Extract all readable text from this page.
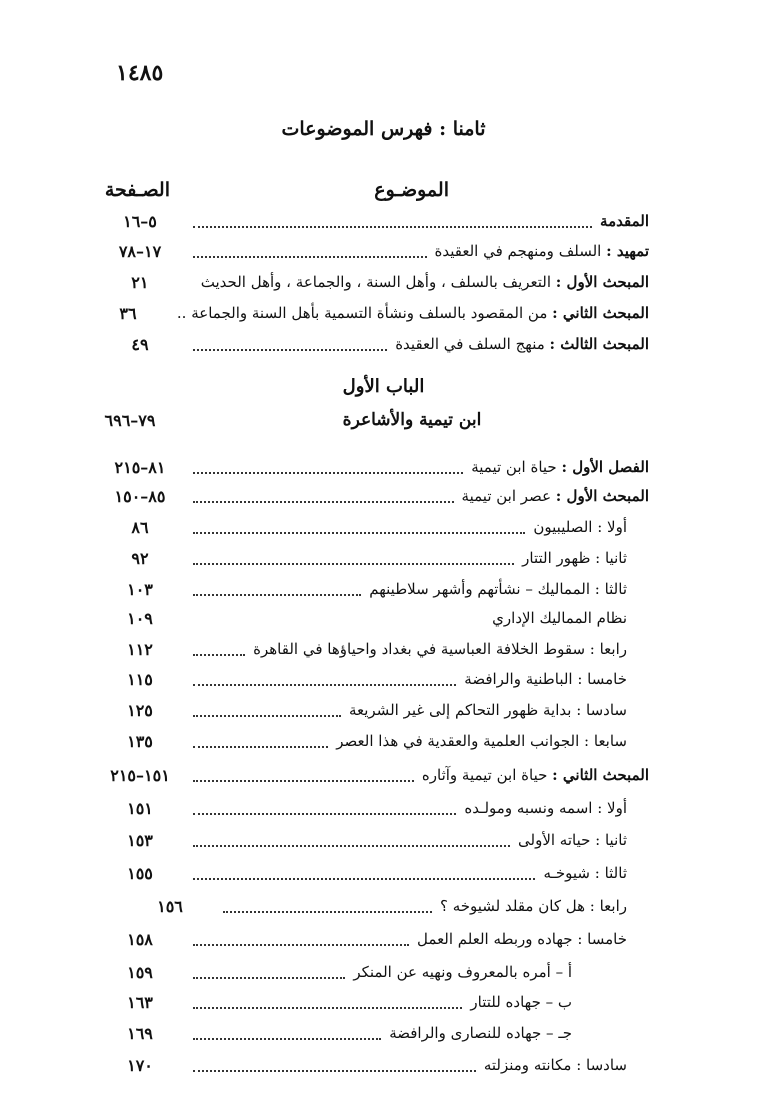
١٤٨٥
ثامنا : فهرس الموضوعات
الموضـوع
الصـفحة
المقدمة
٥–١٦
تمهيد : السلف ومنهجم في العقيدة
١٧–٧٨
المبحث الأول : التعريف بالسلف ، وأهل السنة ، والجماعة ، وأهل الحديث
٢١
المبحث الثاني : من المقصود بالسلف ونشأة التسمية بأهل السنة والجماعة ..
٣٦
المبحث الثالث : منهج السلف في العقيدة
٤٩
الباب الأول
ابن تيمية والأشاعرة
٧٩–٦٩٦
الفصل الأول : حياة ابن تيمية
٨١–٢١٥
المبحث الأول : عصر ابن تيمية
٨٥–١٥٠
أولا : الصليبيون
٨٦
ثانيا : ظهور التتار
٩٢
ثالثا : المماليك – نشأتهم وأشهر سلاطينهم
١٠٣
نظام المماليك الإداري
١٠٩
رابعا : سقوط الخلافة العباسية في بغداد واحياؤها في القاهرة
١١٢
خامسا : الباطنية والرافضة
١١٥
سادسا : بداية ظهور التحاكم إلى غير الشريعة
١٢٥
سابعا : الجوانب العلمية والعقدية في هذا العصر
١٣٥
المبحث الثاني : حياة ابن تيمية وآثاره
١٥١–٢١٥
أولا : اسمه ونسبه ومولـده
١٥١
ثانيا : حياته الأولى
١٥٣
ثالثا : شيوخـه
١٥٥
رابعا : هل كان مقلد لشيوخه ؟
١٥٦
خامسا : جهاده وربطه العلم العمل
١٥٨
أ – أمره بالمعروف ونهيه عن المنكر
١٥٩
ب – جهاده للتتار
١٦٣
جـ – جهاده للنصارى والرافضة
١٦٩
سادسا : مكانته ومنزلته
١٧٠
